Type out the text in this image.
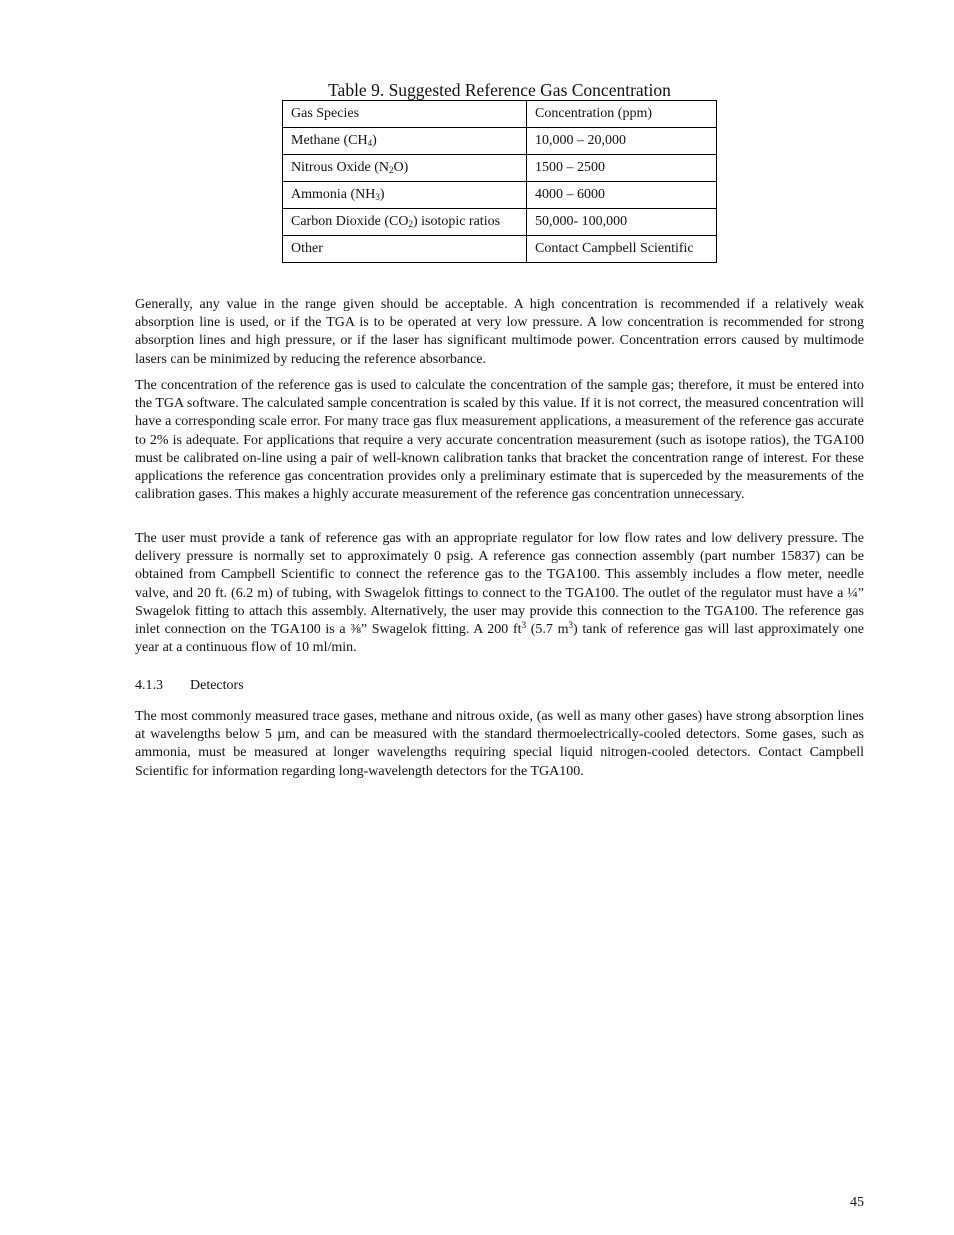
Table 9. Suggested Reference Gas Concentration
Gas Species	Concentration (ppm)
Methane $(CH_4)$	10,000 – 20,000
Nitrous Oxide $(N_2O)$	1500 – 2500
Ammonia $(NH_3)$	4000 – 6000
Carbon Dioxide $(CO_2)$ isotopic ratios	50,000- 100,000
Other	Contact Campbell Scientific

Generally, any value in the range given should be acceptable. A high concentration is recommended if a relatively weak absorption line is used, or if the TGA is to be operated at very low pressure. A low concentration is recommended for strong absorption lines and high pressure, or if the laser has significant multimode power. Concentration errors caused by multimode lasers can be minimized by reducing the reference absorbance.

The concentration of the reference gas is used to calculate the concentration of the sample gas; therefore, it must be entered into the TGA software. The calculated sample concentration is scaled by this value. If it is not correct, the measured concentration will have a corresponding scale error. For many trace gas flux measurement applications, a measurement of the reference gas accurate to 2% is adequate. For applications that require a very accurate concentration measurement (such as isotope ratios), the TGA100 must be calibrated on-line using a pair of well-known calibration tanks that bracket the concentration range of interest. For these applications the reference gas concentration provides only a preliminary estimate that is superceded by the measurements of the calibration gases. This makes a highly accurate measurement of the reference gas concentration unnecessary.

The user must provide a tank of reference gas with an appropriate regulator for low flow rates and low delivery pressure. The delivery pressure is normally set to approximately 0 psig. A reference gas connection assembly (part number 15837) can be obtained from Campbell Scientific to connect the reference gas to the TGA100. This assembly includes a flow meter, needle valve, and 20 ft. (6.2 m) of tubing, with Swagelok fittings to connect to the TGA100. The outlet of the regulator must have a ¼” Swagelok fitting to attach this assembly. Alternatively, the user may provide this connection to the TGA100. The reference gas inlet connection on the TGA100 is a ⅜” Swagelok fitting. A 200 $ft^3$ (5.7 $m^3$) tank of reference gas will last approximately one year at a continuous flow of 10 ml/min.

4.1.3 Detectors

The most commonly measured trace gases, methane and nitrous oxide, (as well as many other gases) have strong absorption lines at wavelengths below 5 µm, and can be measured with the standard thermoelectrically-cooled detectors. Some gases, such as ammonia, must be measured at longer wavelengths requiring special liquid nitrogen-cooled detectors. Contact Campbell Scientific for information regarding long-wavelength detectors for the TGA100.

45
